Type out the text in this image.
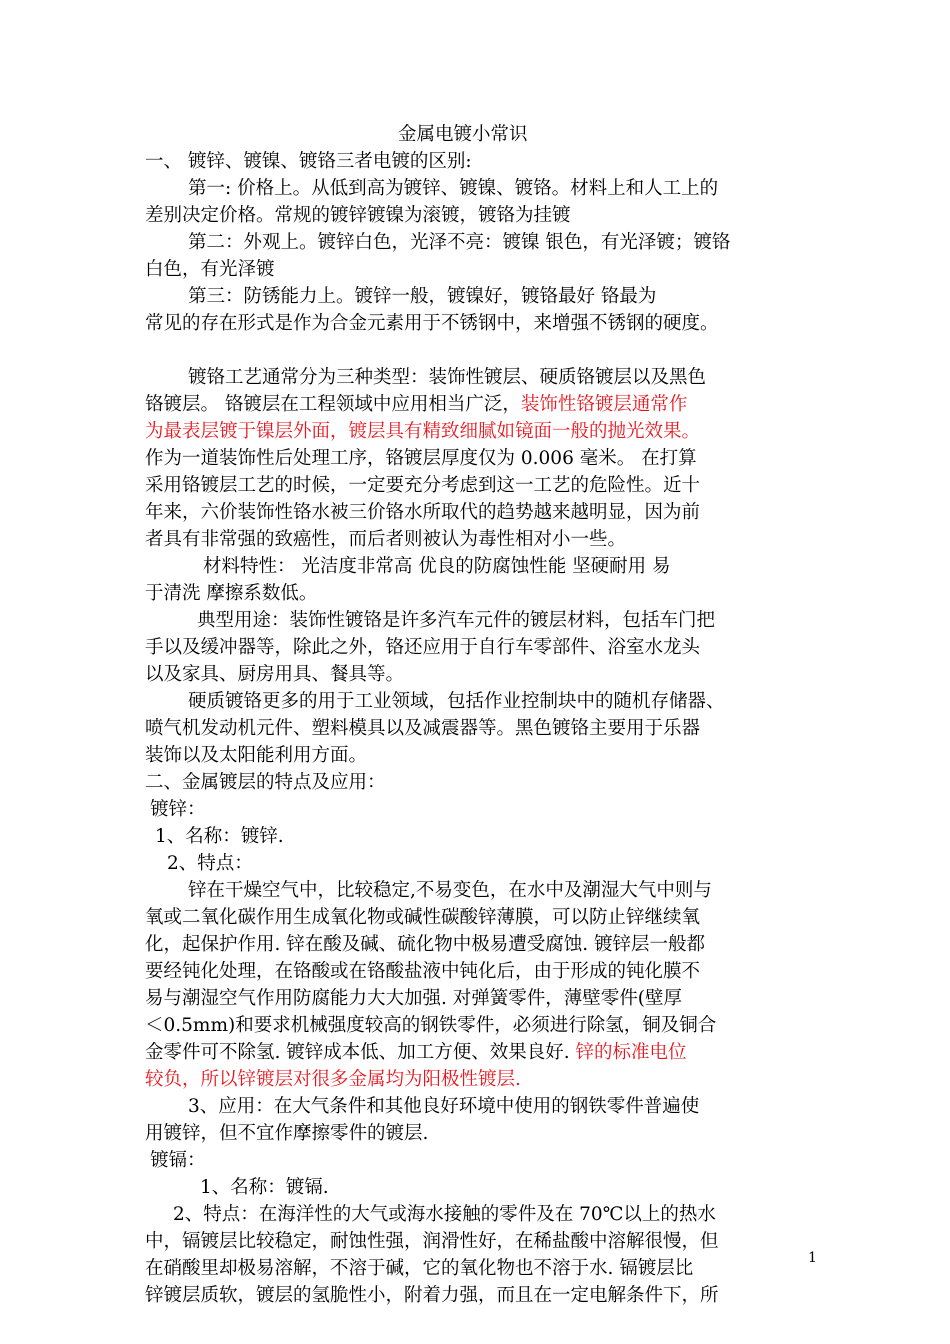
金属电镀小常识
一、 镀锌、镀镍、镀铬三者电镀的区别:
第一: 价格上。从低到高为镀锌、镀镍、镀铬。材料上和人工上的
差别决定价格。常规的镀锌镀镍为滚镀，镀铬为挂镀
第二：外观上。镀锌白色，光泽不亮：镀镍 银色，有光泽镀；镀铬
白色，有光泽镀
第三：防锈能力上。镀锌一般，镀镍好，镀铬最好 铬最为
常见的存在形式是作为合金元素用于不锈钢中，来增强不锈钢的硬度。
镀铬工艺通常分为三种类型：装饰性镀层、硬质铬镀层以及黑色
铬镀层。 铬镀层在工程领域中应用相当广泛，装饰性铬镀层通常作
为最表层镀于镍层外面，镀层具有精致细腻如镜面一般的抛光效果。
作为一道装饰性后处理工序，铬镀层厚度仅为 0.006 毫米。 在打算
采用铬镀层工艺的时候，一定要充分考虑到这一工艺的危险性。近十
年来，六价装饰性铬水被三价铬水所取代的趋势越来越明显，因为前
者具有非常强的致癌性，而后者则被认为毒性相对小一些。
材料特性： 光洁度非常高 优良的防腐蚀性能 坚硬耐用 易
于清洗 摩擦系数低。
典型用途：装饰性镀铬是许多汽车元件的镀层材料，包括车门把
手以及缓冲器等，除此之外，铬还应用于自行车零部件、浴室水龙头
以及家具、厨房用具、餐具等。
硬质镀铬更多的用于工业领域，包括作业控制块中的随机存储器、
喷气机发动机元件、塑料模具以及减震器等。黑色镀铬主要用于乐器
装饰以及太阳能利用方面。
二、金属镀层的特点及应用：
镀锌：
1、名称：镀锌.
2、特点：
锌在干燥空气中，比较稳定,不易变色，在水中及潮湿大气中则与
氧或二氧化碳作用生成氧化物或碱性碳酸锌薄膜，可以防止锌继续氧
化，起保护作用. 锌在酸及碱、硫化物中极易遭受腐蚀. 镀锌层一般都
要经钝化处理，在铬酸或在铬酸盐液中钝化后，由于形成的钝化膜不
易与潮湿空气作用防腐能力大大加强. 对弹簧零件，薄壁零件(壁厚
＜0.5mm)和要求机械强度较高的钢铁零件，必须进行除氢，铜及铜合
金零件可不除氢. 镀锌成本低、加工方便、效果良好. 锌的标准电位
较负，所以锌镀层对很多金属均为阳极性镀层.
3、应用：在大气条件和其他良好环境中使用的钢铁零件普遍使
用镀锌，但不宜作摩擦零件的镀层.
镀镉：
1、名称：镀镉.
2、特点：在海洋性的大气或海水接触的零件及在 70℃以上的热水
中，镉镀层比较稳定，耐蚀性强，润滑性好，在稀盐酸中溶解很慢，但
在硝酸里却极易溶解，不溶于碱，它的氧化物也不溶于水. 镉镀层比
锌镀层质软，镀层的氢脆性小，附着力强，而且在一定电解条件下，所
1
